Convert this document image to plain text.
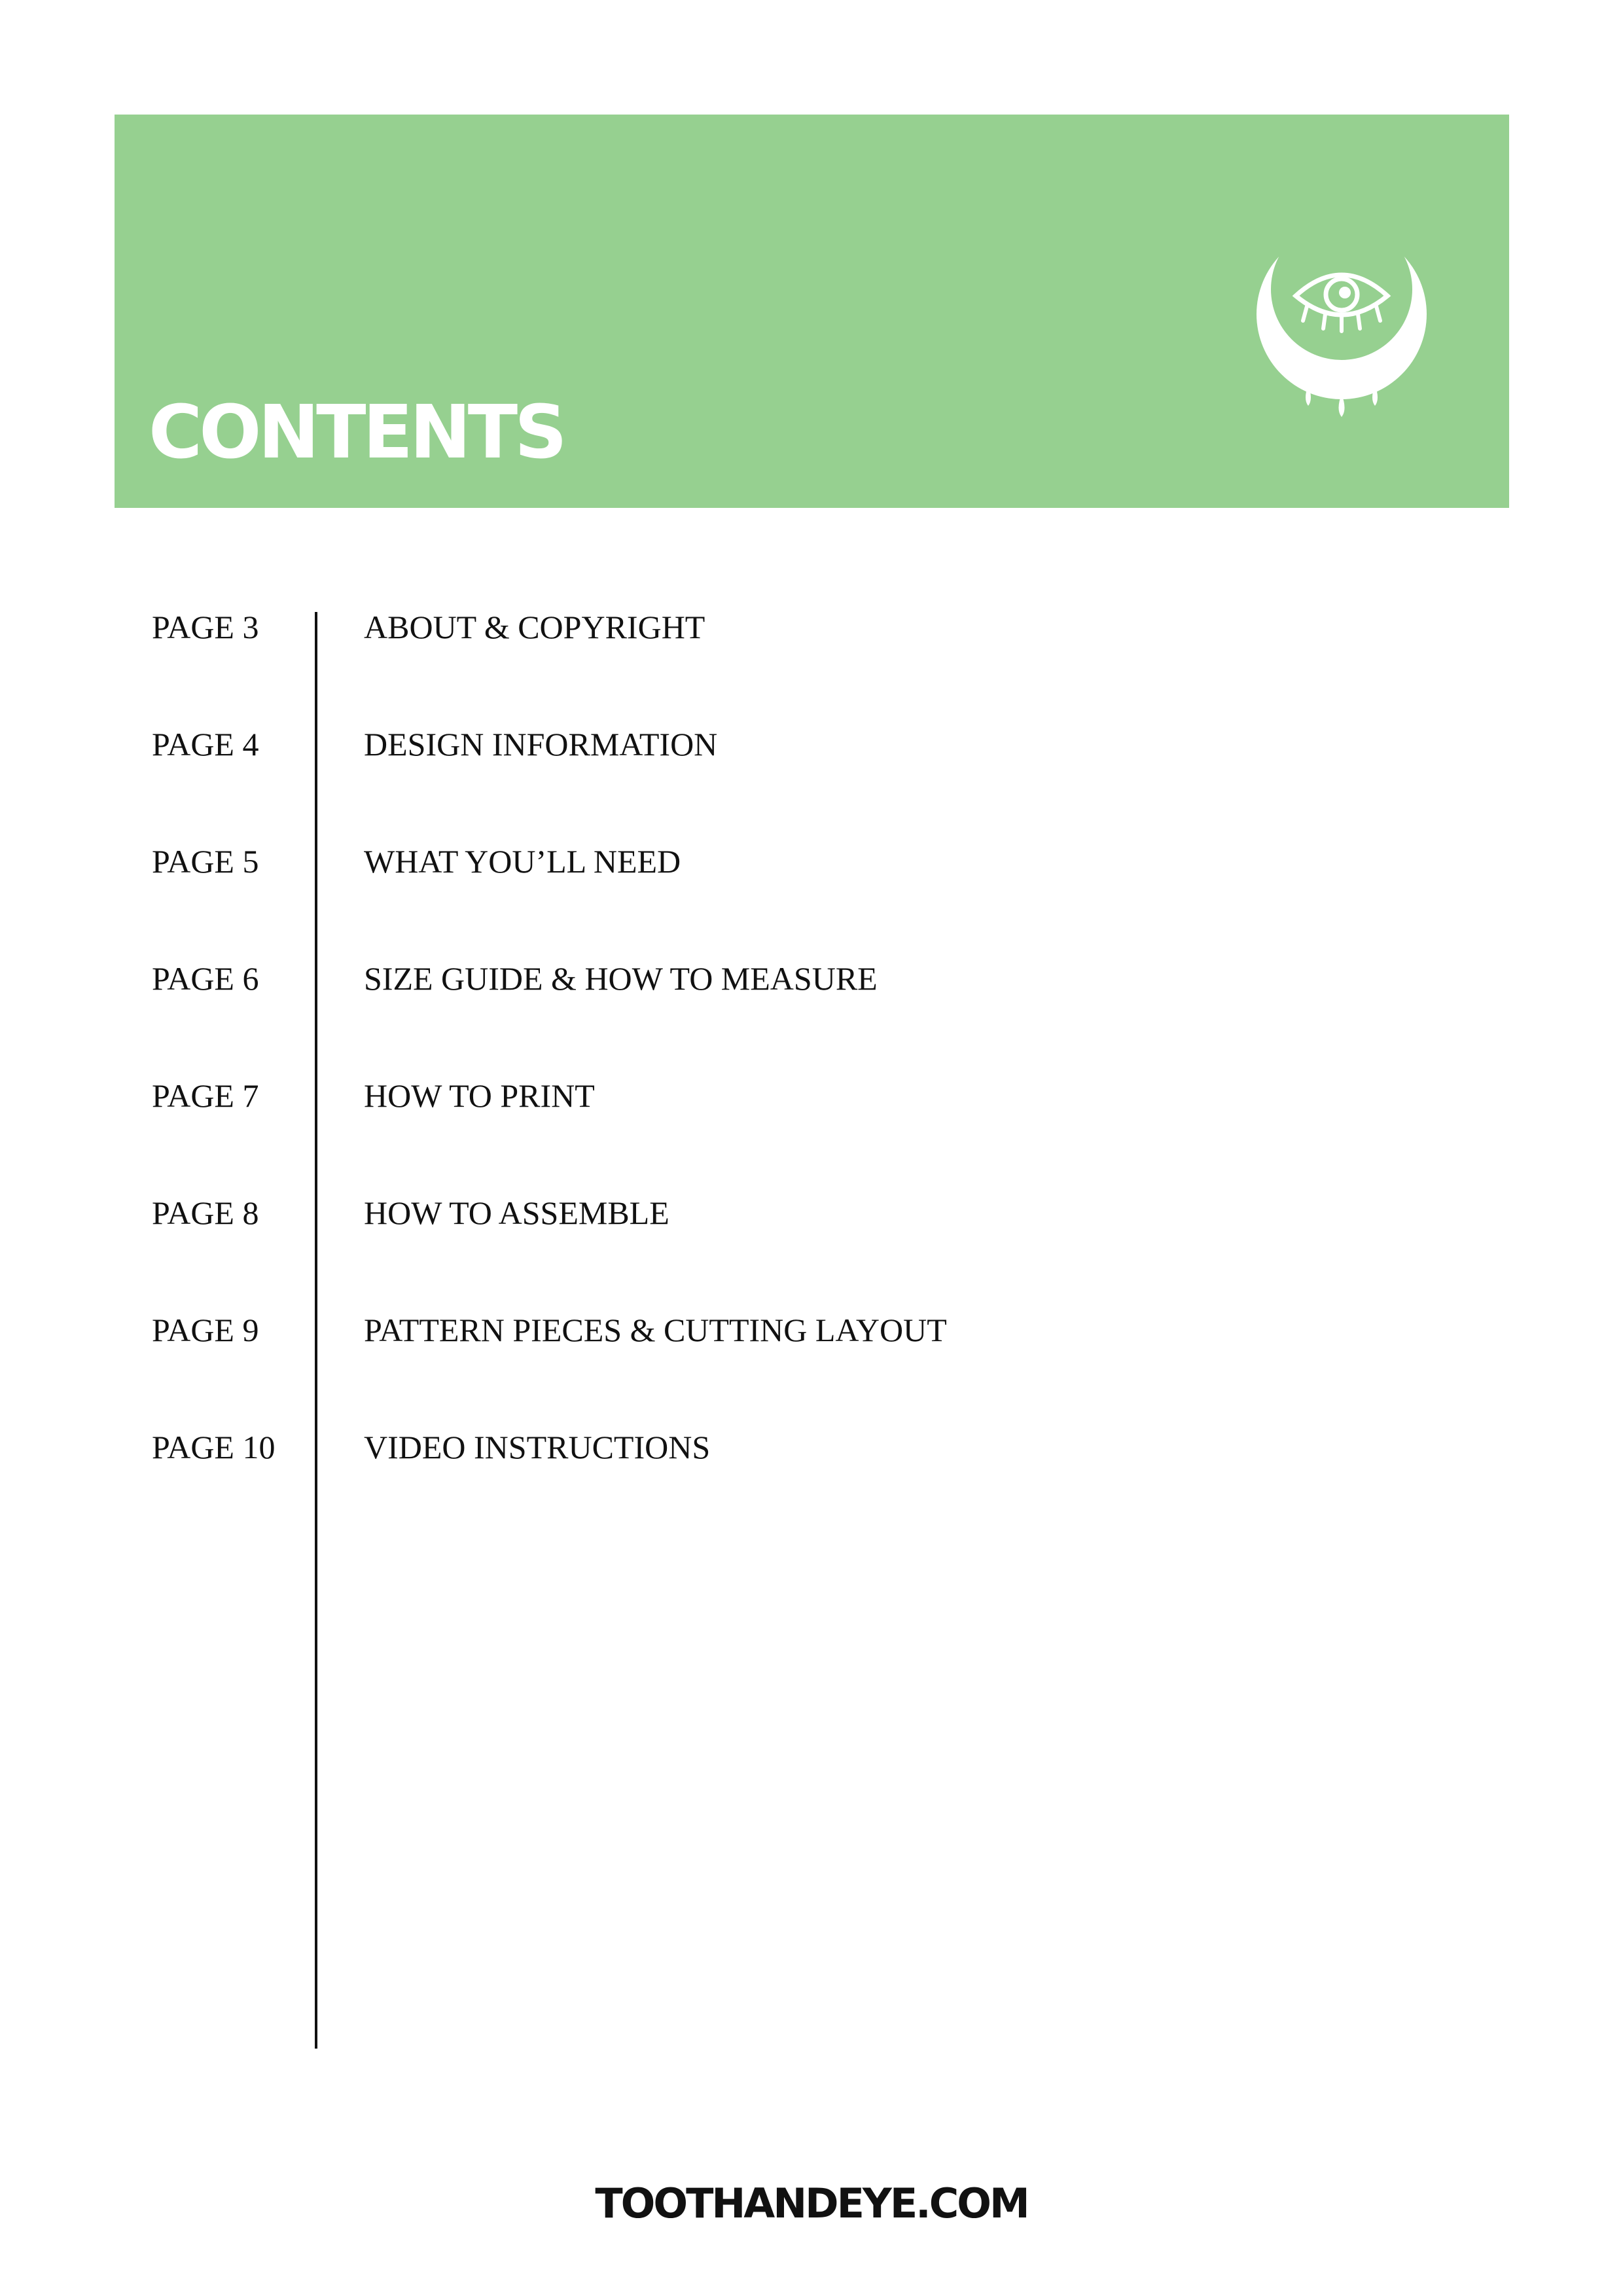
CONTENTS
PAGE 3	ABOUT & COPYRIGHT
PAGE 4	DESIGN INFORMATION
PAGE 5	WHAT YOU’LL NEED
PAGE 6	SIZE GUIDE & HOW TO MEASURE
PAGE 7	HOW TO PRINT
PAGE 8	HOW TO ASSEMBLE
PAGE 9	PATTERN PIECES & CUTTING LAYOUT
PAGE 10	VIDEO INSTRUCTIONS
TOOTHANDEYE.COM
